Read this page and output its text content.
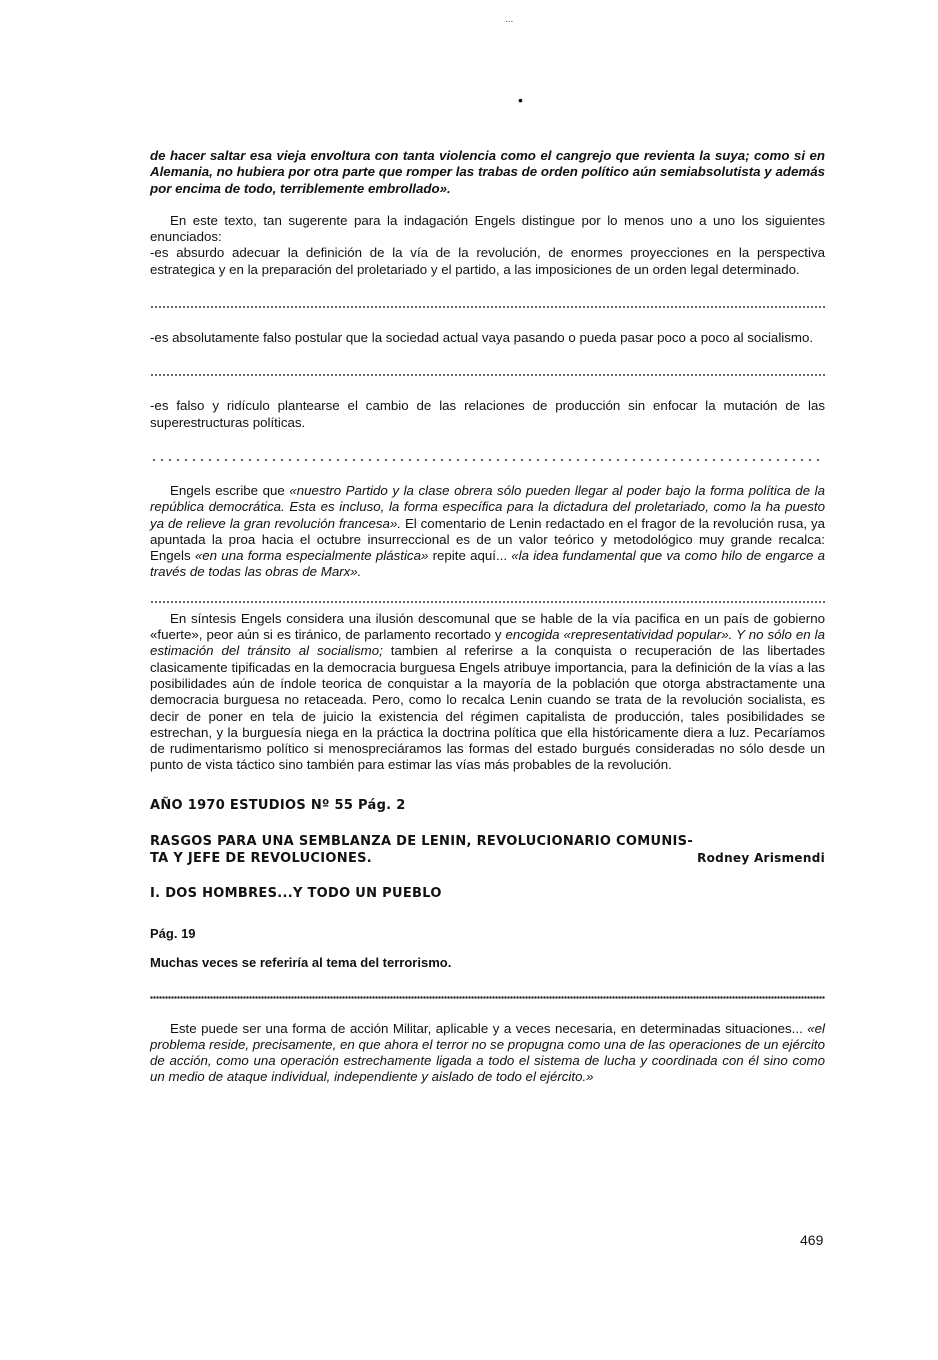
...
•

de hacer saltar esa vieja envoltura con tanta violencia como el cangrejo que revienta la suya; como si en Alemania, no hubiera por otra parte que romper las trabas de orden político aún semiabsolutista y además por encima de todo, terriblemente embrollado».

En este texto, tan sugerente para la indagación Engels distingue por lo menos uno a uno los siguientes enunciados:

-es absurdo adecuar la definición de la vía de la revolución, de enormes proyecciones en la perspectiva estrategica y en la preparación del proletariado y el partido, a las imposiciones de un orden legal determinado.

-es absolutamente falso postular que la sociedad actual vaya pasando o pueda pasar poco a poco al socialismo.

-es falso y ridículo plantearse el cambio de las relaciones de producción sin enfocar la mutación de las superestructuras políticas.

Engels escribe que «nuestro Partido y la clase obrera sólo pueden llegar al poder bajo la forma política de la república democrática. Esta es incluso, la forma específica para la dictadura del proletariado, como la ha puesto ya de relieve la gran revolución francesa». El comentario de Lenin redactado en el fragor de la revolución rusa, ya apuntada la proa hacia el octubre insurreccional es de un valor teórico y metodológico muy grande recalca: Engels «en una forma especialmente plástica» repite aquí... «la idea fundamental que va como hilo de engarce a través de todas las obras de Marx».

En síntesis Engels considera una ilusión descomunal que se hable de la vía pacifica en un país de gobierno «fuerte», peor aún si es tiránico, de parlamento recortado y encogida «representatividad popular». Y no sólo en la estimación del tránsito al socialismo; tambien al referirse a la conquista o recuperación de las libertades clasicamente tipificadas en la democracia burguesa Engels atribuye importancia, para la definición de la vías a las posibilidades aún de índole teorica de conquistar a la mayoría de la población que otorga abstractamente una democracia burguesa no retaceada. Pero, como lo recalca Lenin cuando se trata de la revolución socialista, es decir de poner en tela de juicio la existencia del régimen capitalista de producción, tales posibilidades se estrechan, y la burguesía niega en la práctica la doctrina política que ella históricamente diera a luz. Pecaríamos de rudimentarismo político si menospreciáramos las formas del estado burgués consideradas no sólo desde un punto de vista táctico sino también para estimar las vías más probables de la revolución.

AÑO 1970 ESTUDIOS Nº 55 Pág. 2

RASGOS PARA UNA SEMBLANZA DE LENIN, REVOLUCIONARIO COMUNIS-

TA Y JEFE DE REVOLUCIONES.	Rodney Arismendi

I. DOS HOMBRES...Y TODO UN PUEBLO

Pág. 19

Muchas veces se referiría al tema del terrorismo.

Este puede ser una forma de acción Militar, aplicable y a veces necesaria, en determinadas situaciones... «el problema reside, precisamente, en que ahora el terror no se propugna como una de las operaciones de un ejército de acción, como una operación estrechamente ligada a todo el sistema de lucha y coordinada con él sino como un medio de ataque individual, independiente y aislado de todo el ejército.»

469
